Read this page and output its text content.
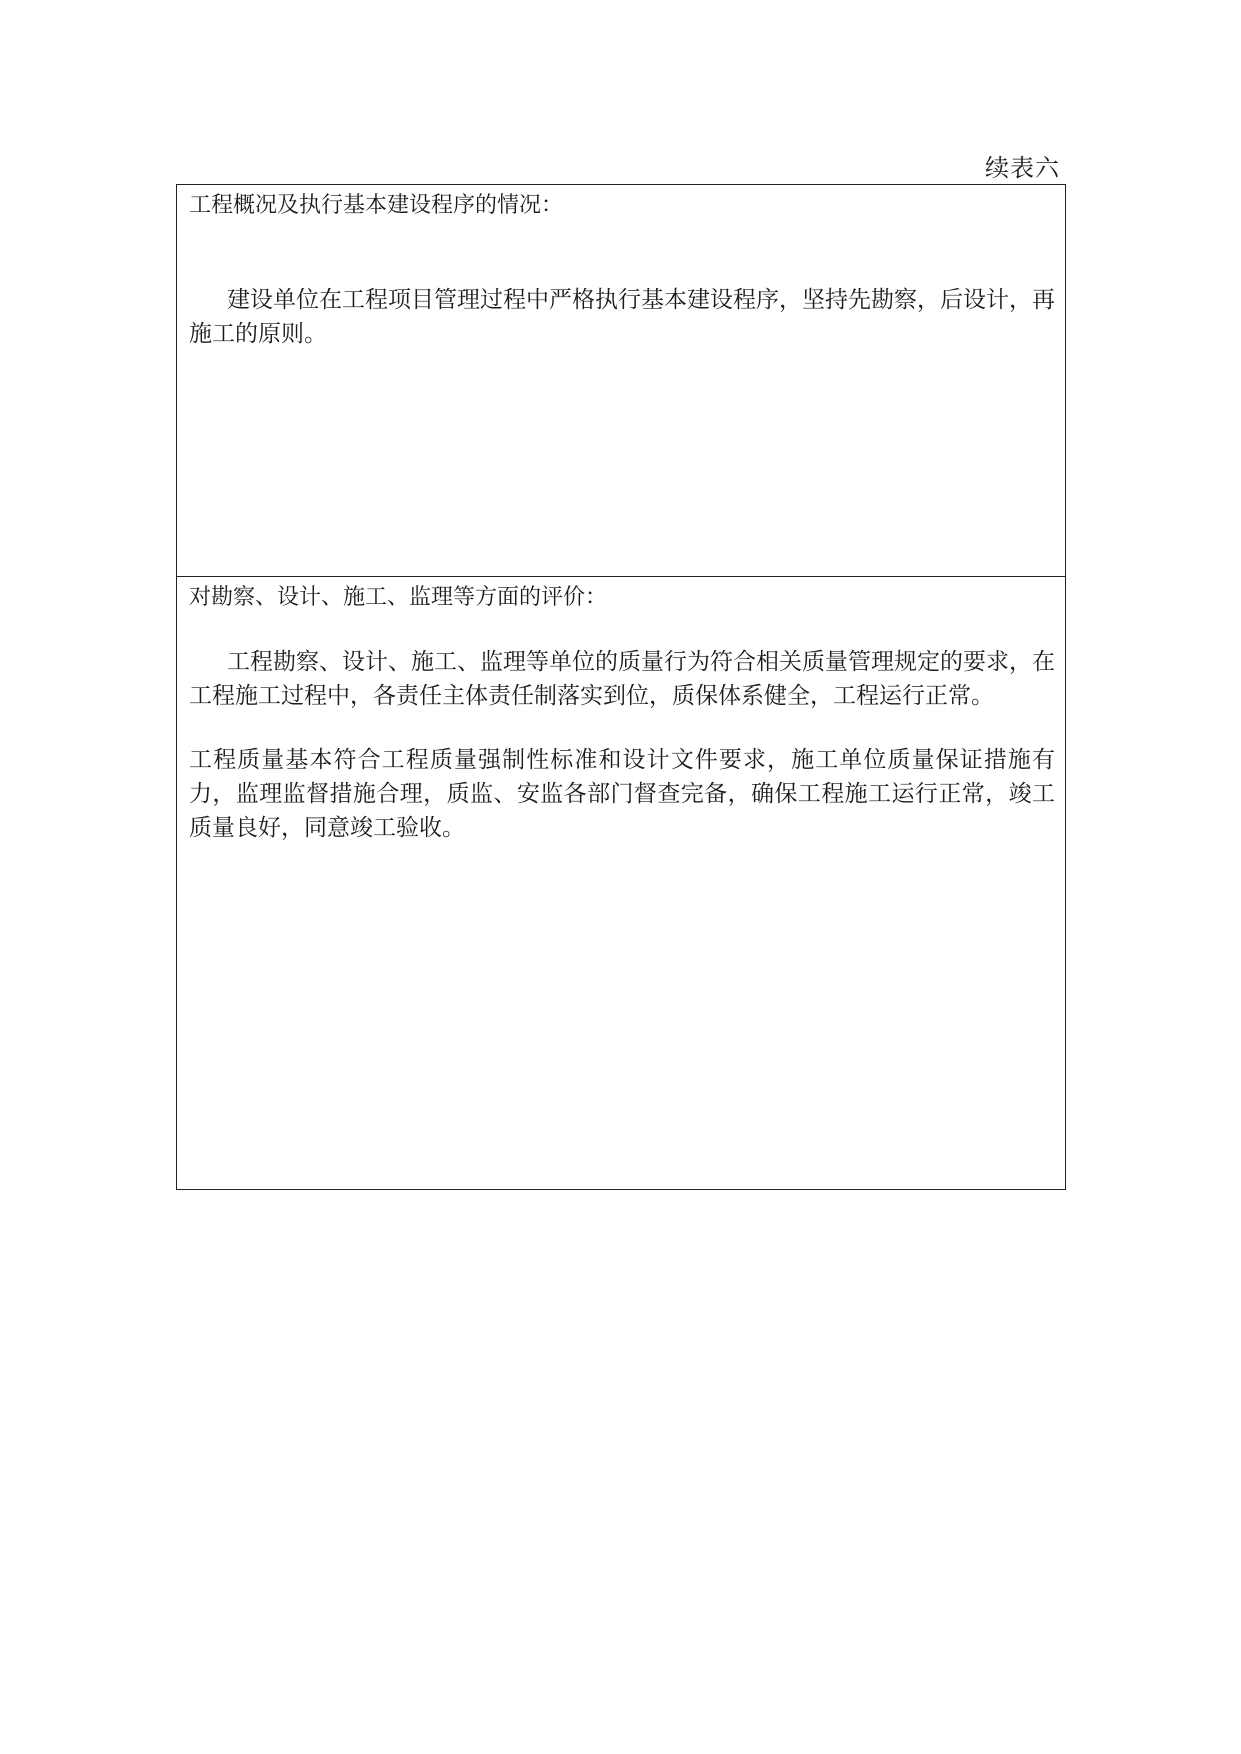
续表六

工程概况及执行基本建设程序的情况：

建设单位在工程项目管理过程中严格执行基本建设程序，坚持先勘察，后设计，再施工的原则。

对勘察、设计、施工、监理等方面的评价：

工程勘察、设计、施工、监理等单位的质量行为符合相关质量管理规定的要求，在工程施工过程中，各责任主体责任制落实到位，质保体系健全，工程运行正常。

工程质量基本符合工程质量强制性标准和设计文件要求，施工单位质量保证措施有力，监理监督措施合理，质监、安监各部门督查完备，确保工程施工运行正常，竣工质量良好，同意竣工验收。
